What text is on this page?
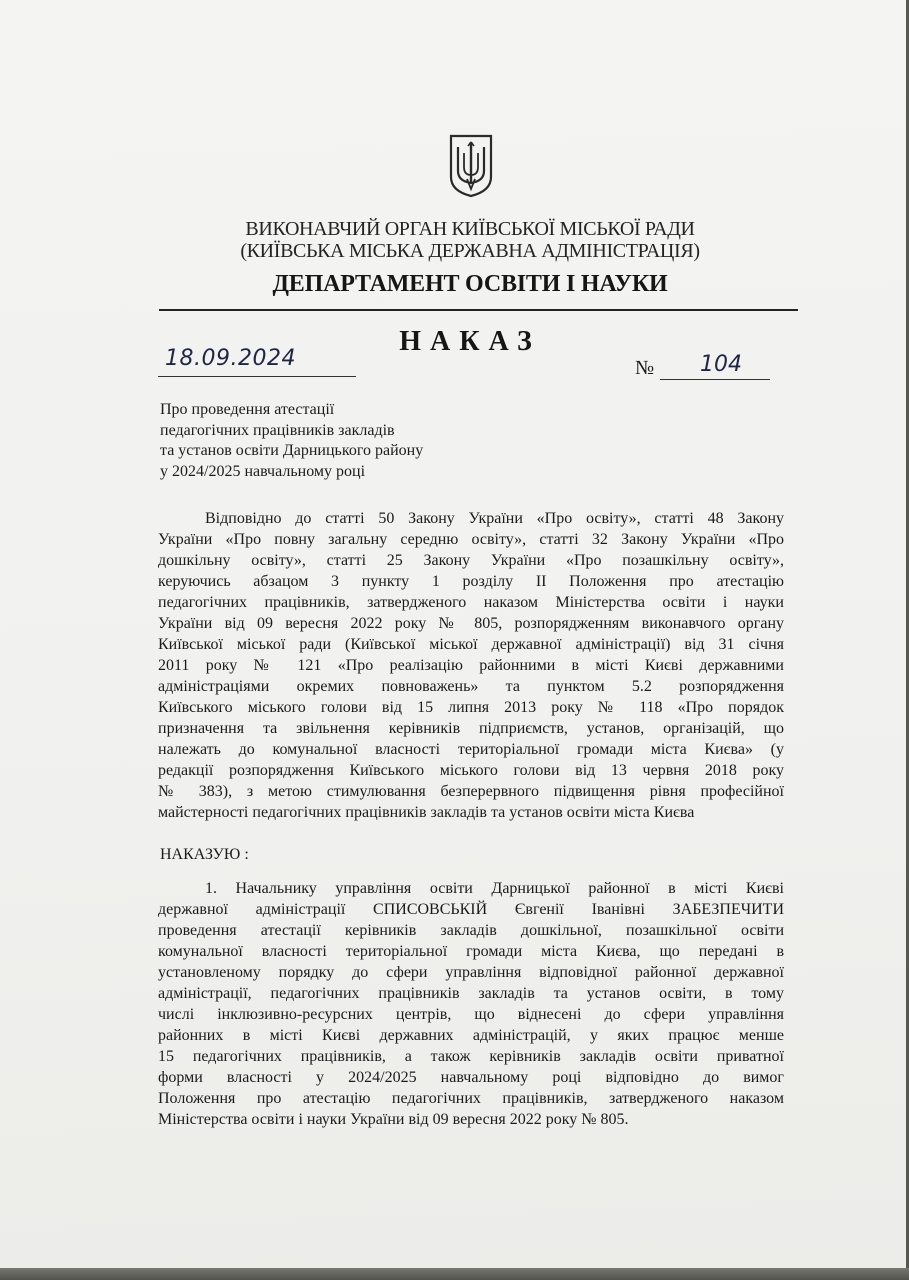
ВИКОНАВЧИЙ ОРГАН КИЇВСЬКОЇ МІСЬКОЇ РАДИ
(КИЇВСЬКА МІСЬКА ДЕРЖАВНА АДМІНІСТРАЦІЯ)
ДЕПАРТАМЕНТ ОСВІТИ І НАУКИ
НАКАЗ
18.09.2024	№ 104
Про проведення атестації
педагогічних працівників закладів
та установ освіти Дарницького району
у 2024/2025 навчальному році
Відповідно до статті 50 Закону України «Про освіту», статті 48 Закону
України «Про повну загальну середню освіту», статті 32 Закону України «Про
дошкільну освіту», статті 25 Закону України «Про позашкільну освіту»,
керуючись абзацом 3 пункту 1 розділу II Положення про атестацію
педагогічних працівників, затвердженого наказом Міністерства освіти і науки
України від 09 вересня 2022 року № 805, розпорядженням виконавчого органу
Київської міської ради (Київської міської державної адміністрації) від 31 січня
2011 року № 121 «Про реалізацію районними в місті Києві державними
адміністраціями окремих повноважень» та пунктом 5.2 розпорядження
Київського міського голови від 15 липня 2013 року № 118 «Про порядок
призначення та звільнення керівників підприємств, установ, організацій, що
належать до комунальної власності територіальної громади міста Києва» (у
редакції розпорядження Київського міського голови від 13 червня 2018 року
№ 383), з метою стимулювання безперервного підвищення рівня професійної
майстерності педагогічних працівників закладів та установ освіти міста Києва
НАКАЗУЮ :
1. Начальнику управління освіти Дарницької районної в місті Києві
державної адміністрації СПИСОВСЬКІЙ Євгенії Іванівні ЗАБЕЗПЕЧИТИ
проведення атестації керівників закладів дошкільної, позашкільної освіти
комунальної власності територіальної громади міста Києва, що передані в
установленому порядку до сфери управління відповідної районної державної
адміністрації, педагогічних працівників закладів та установ освіти, в тому
числі інклюзивно-ресурсних центрів, що віднесені до сфери управління
районних в місті Києві державних адміністрацій, у яких працює менше
15 педагогічних працівників, а також керівників закладів освіти приватної
форми власності у 2024/2025 навчальному році відповідно до вимог
Положення про атестацію педагогічних працівників, затвердженого наказом
Міністерства освіти і науки України від 09 вересня 2022 року № 805.
